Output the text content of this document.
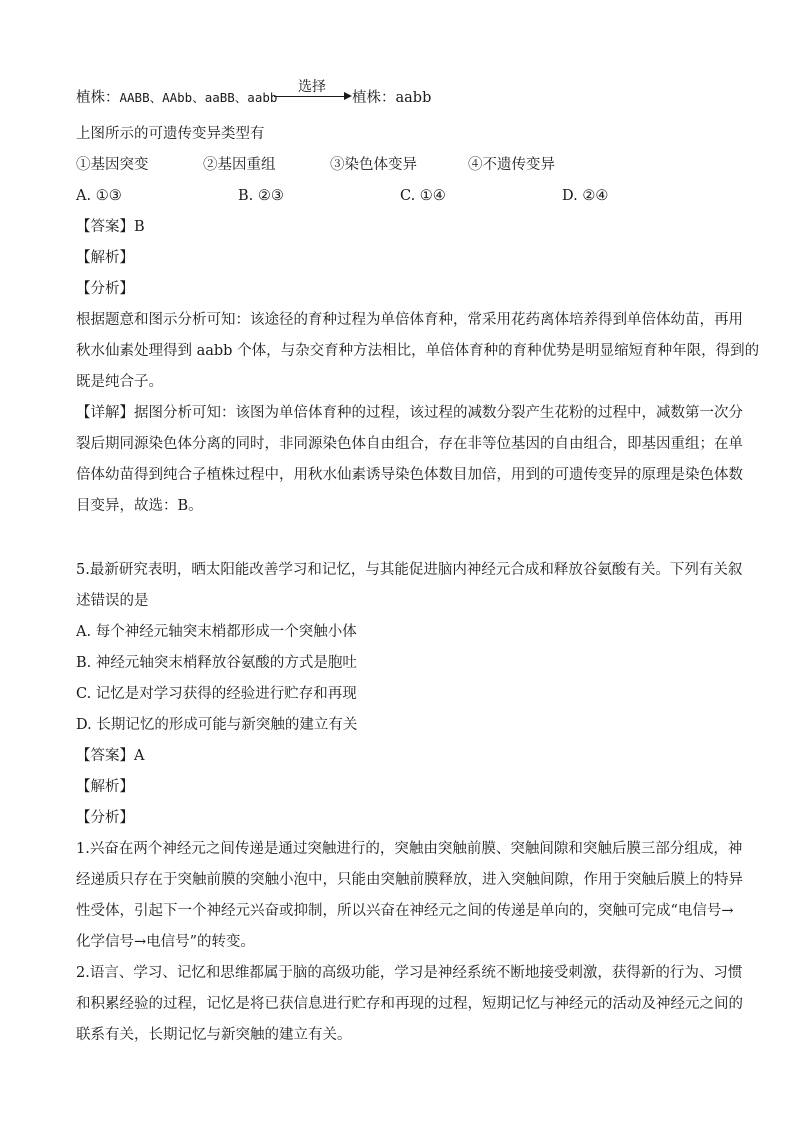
植株：AABB、AAbb、aaBB、aabb
选择
植株：aabb
上图所示的可遗传变异类型有
①基因突变	②基因重组	③染色体变异	④不遗传变异
A. ①③	B. ②③	C. ①④	D. ②④
【答案】B
【解析】
【分析】
根据题意和图示分析可知：该途径的育种过程为单倍体育种，常采用花药离体培养得到单倍体幼苗，再用
秋水仙素处理得到 aabb 个体，与杂交育种方法相比，单倍体育种的育种优势是明显缩短育种年限，得到的
既是纯合子。
【详解】据图分析可知：该图为单倍体育种的过程，该过程的减数分裂产生花粉的过程中，减数第一次分
裂后期同源染色体分离的同时，非同源染色体自由组合，存在非等位基因的自由组合，即基因重组；在单
倍体幼苗得到纯合子植株过程中，用秋水仙素诱导染色体数目加倍，用到的可遗传变异的原理是染色体数
目变异，故选：B。
5.最新研究表明，晒太阳能改善学习和记忆，与其能促进脑内神经元合成和释放谷氨酸有关。下列有关叙
述错误的是
A. 每个神经元轴突末梢都形成一个突触小体
B. 神经元轴突末梢释放谷氨酸的方式是胞吐
C. 记忆是对学习获得的经验进行贮存和再现
D. 长期记忆的形成可能与新突触的建立有关
【答案】A
【解析】
【分析】
1.兴奋在两个神经元之间传递是通过突触进行的，突触由突触前膜、突触间隙和突触后膜三部分组成，神
经递质只存在于突触前膜的突触小泡中，只能由突触前膜释放，进入突触间隙，作用于突触后膜上的特异
性受体，引起下一个神经元兴奋或抑制，所以兴奋在神经元之间的传递是单向的，突触可完成“电信号→
化学信号→电信号”的转变。
2.语言、学习、记忆和思维都属于脑的高级功能，学习是神经系统不断地接受刺激，获得新的行为、习惯
和积累经验的过程，记忆是将已获信息进行贮存和再现的过程，短期记忆与神经元的活动及神经元之间的
联系有关，长期记忆与新突触的建立有关。
